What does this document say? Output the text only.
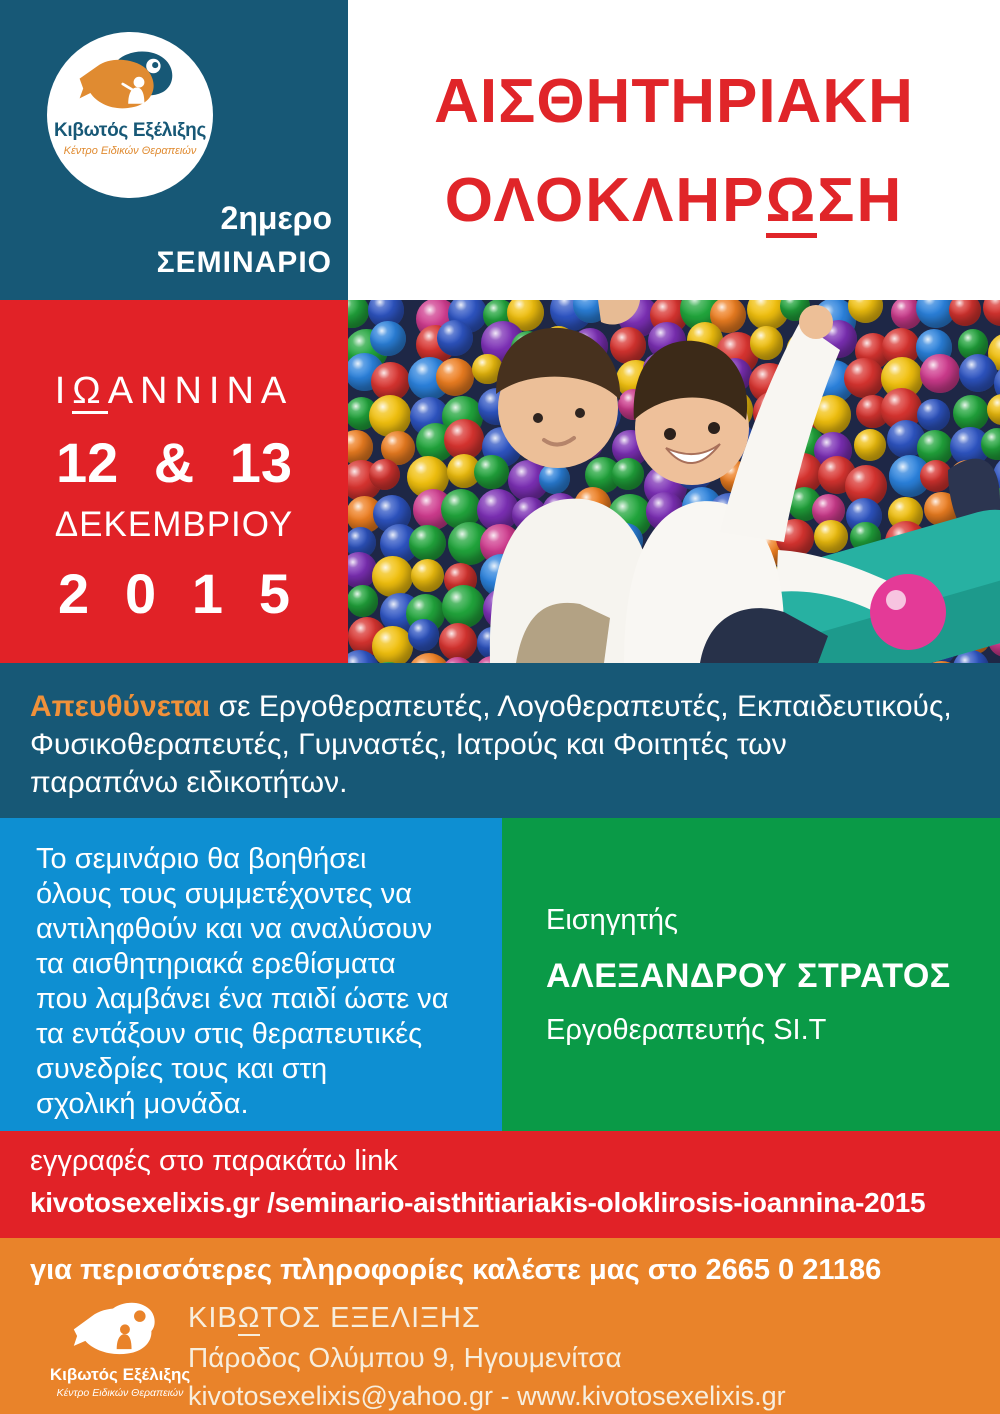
Κιβωτός Εξέλιξης
Κέντρο Ειδικών Θεραπειών
2ημερο
ΣΕΜΙΝΑΡΙΟ
ΑΙΣΘΗΤΗΡΙΑΚΗ
ΟΛΟΚΛΗΡΩΣΗ
ΙΩΑΝΝΙΝΑ
12 & 13
ΔΕΚΕΜΒΡΙΟΥ
2 0 1 5
Απευθύνεται σε Εργοθεραπευτές, Λογοθεραπευτές, Εκπαιδευτικούς,
Φυσικοθεραπευτές, Γυμναστές, Ιατρούς και Φοιτητές των
παραπάνω ειδικοτήτων.
Το σεμινάριο θα βοηθήσει
όλους τους συμμετέχοντες να
αντιληφθούν και να αναλύσουν
τα αισθητηριακά ερεθίσματα
που λαμβάνει ένα παιδί ώστε να
τα εντάξουν στις θεραπευτικές
συνεδρίες τους και στη
σχολική μονάδα.
Εισηγητής
ΑΛΕΞΑΝΔΡΟΥ ΣΤΡΑΤΟΣ
Εργοθεραπευτής SI.T
εγγραφές στο παρακάτω link
kivotosexelixis.gr /seminario-aisthitiariakis-oloklirosis-ioannina-2015
για περισσότερες πληροφορίες καλέστε μας στο 2665 0 21186
Κιβωτός Εξέλιξης
Κέντρο Ειδικών Θεραπειών
ΚΙΒΩΤΟΣ ΕΞΕΛΙΞΗΣ
Πάροδος Ολύμπου 9, Ηγουμενίτσα
kivotosexelixis@yahoo.gr - www.kivotosexelixis.gr
